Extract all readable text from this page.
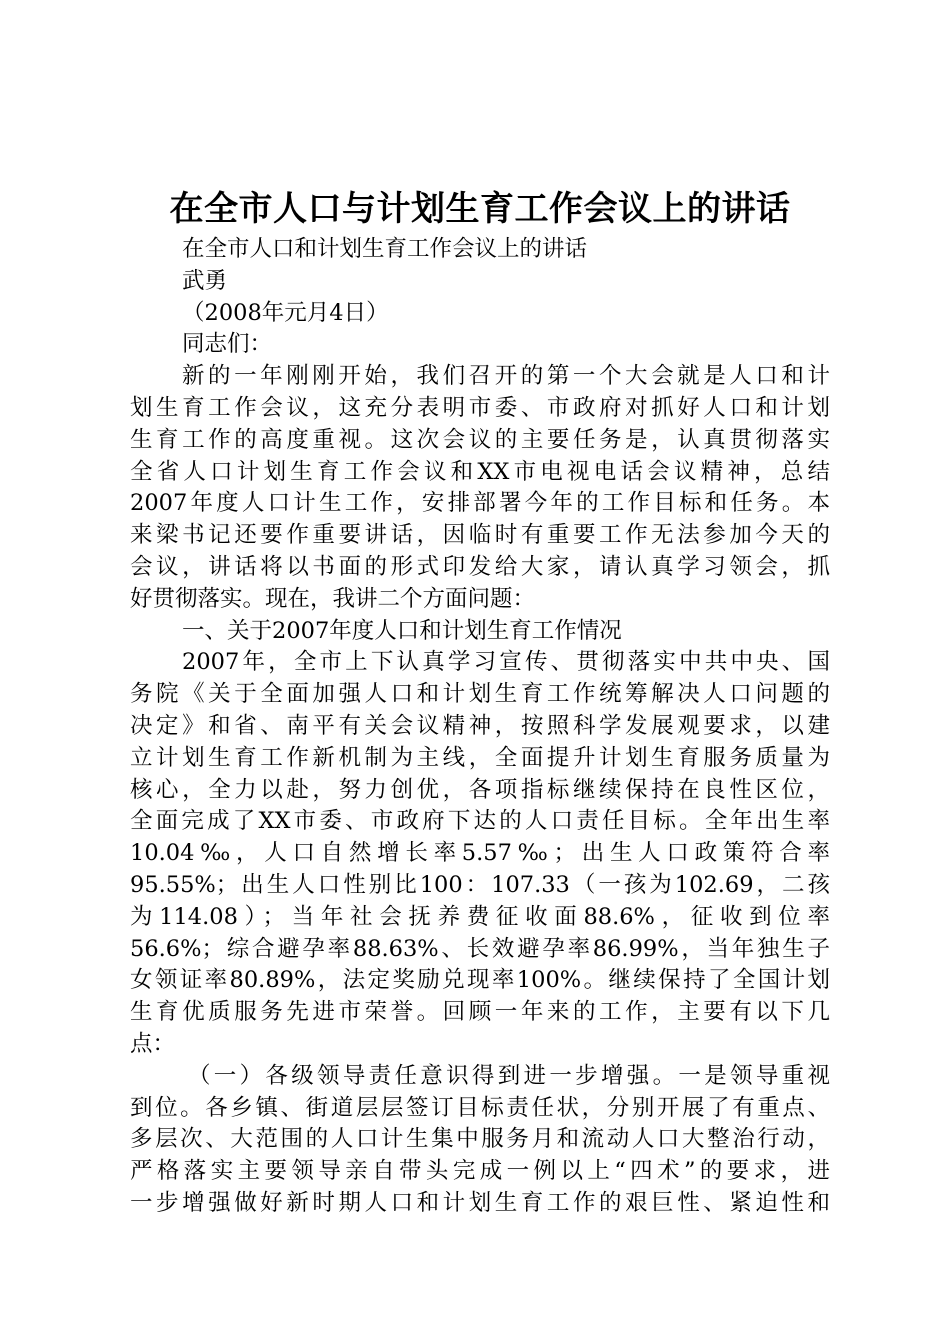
在全市人口与计划生育工作会议上的讲话
在全市人口和计划生育工作会议上的讲话
武勇
（2008年元月4日）
同志们：
新的一年刚刚开始，我们召开的第一个大会就是人口和计
划生育工作会议，这充分表明市委、市政府对抓好人口和计划
生育工作的高度重视。这次会议的主要任务是，认真贯彻落实
全省人口计划生育工作会议和XX市电视电话会议精神，总结
2007年度人口计生工作，安排部署今年的工作目标和任务。本
来梁书记还要作重要讲话，因临时有重要工作无法参加今天的
会议，讲话将以书面的形式印发给大家，请认真学习领会，抓
好贯彻落实。现在，我讲二个方面问题：
一、关于2007年度人口和计划生育工作情况
2007年，全市上下认真学习宣传、贯彻落实中共中央、国
务院《关于全面加强人口和计划生育工作统筹解决人口问题的
决定》和省、南平有关会议精神，按照科学发展观要求，以建
立计划生育工作新机制为主线，全面提升计划生育服务质量为
核心，全力以赴，努力创优，各项指标继续保持在良性区位，
全面完成了XX市委、市政府下达的人口责任目标。全年出生率
10.04‰，人口自然增长率5.57‰；出生人口政策符合率
95.55%；出生人口性别比100：107.33（一孩为102.69，二孩
为114.08）；当年社会抚养费征收面88.6%，征收到位率
56.6%；综合避孕率88.63%、长效避孕率86.99%，当年独生子
女领证率80.89%，法定奖励兑现率100%。继续保持了全国计划
生育优质服务先进市荣誉。回顾一年来的工作，主要有以下几
点：
（一）各级领导责任意识得到进一步增强。一是领导重视
到位。各乡镇、街道层层签订目标责任状，分别开展了有重点、
多层次、大范围的人口计生集中服务月和流动人口大整治行动，
严格落实主要领导亲自带头完成一例以上“四术”的要求，进
一步增强做好新时期人口和计划生育工作的艰巨性、紧迫性和
